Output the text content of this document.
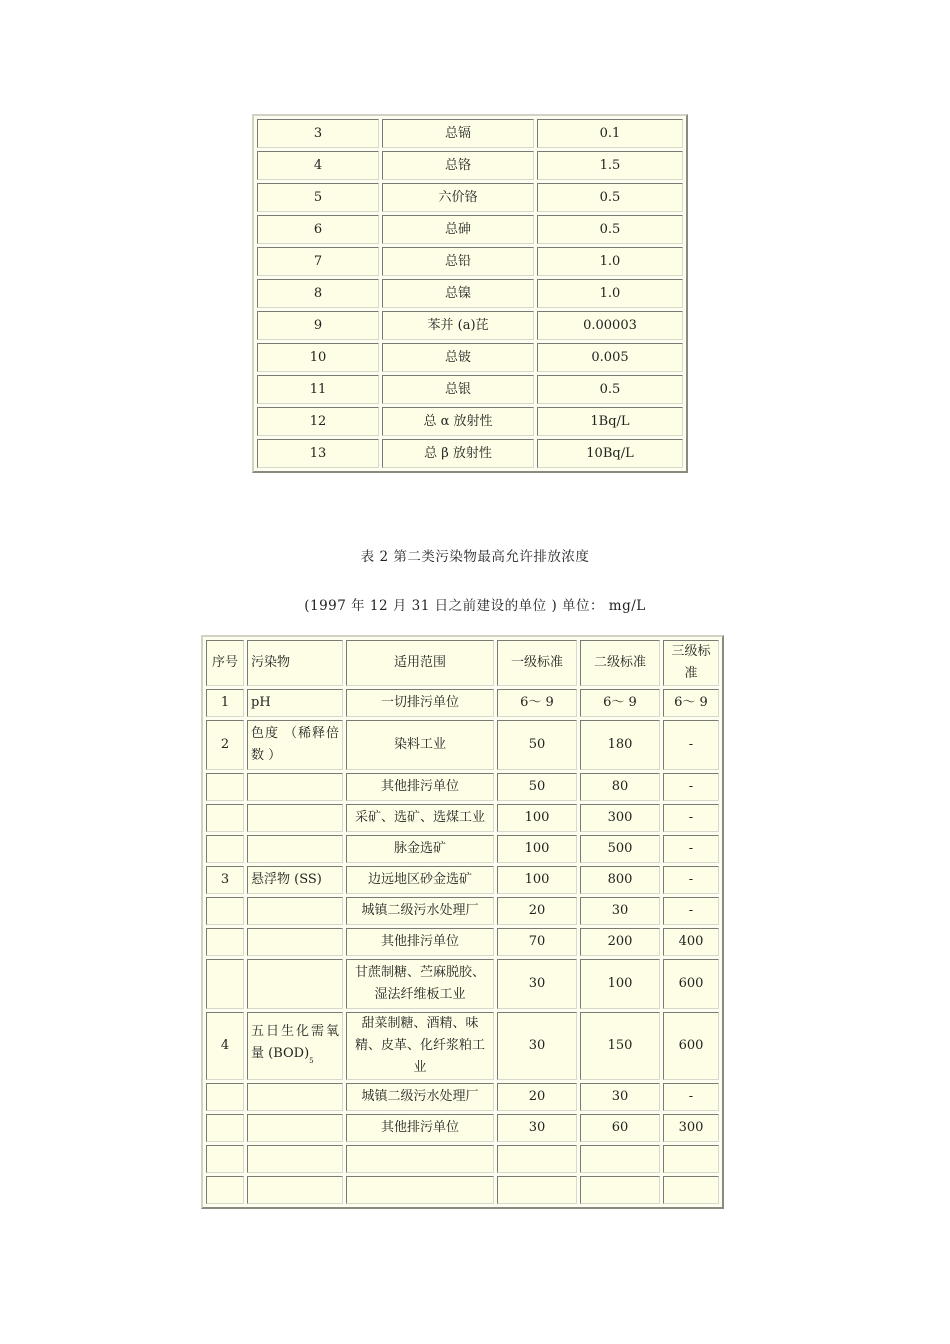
3	总镉	0.1
4	总铬	1.5
5	六价铬	0.5
6	总砷	0.5
7	总铅	1.0
8	总镍	1.0
9	苯并 (a)芘	0.00003
10	总铍	0.005
11	总银	0.5
12	总 α 放射性	1Bq/L
13	总 β 放射性	10Bq/L
表 2 第二类污染物最高允许排放浓度
(1997 年 12 月 31 日之前建设的单位 ) 单位： mg/L
序号	污染物	适用范围	一级标准	二级标准	三级标准
1	pH	一切排污单位	6～ 9	6～ 9	6～ 9
2	色度 （稀释倍数 ）	染料工业	50	180	-
		其他排污单位	50	80	-
		采矿、选矿、选煤工业	100	300	-
		脉金选矿	100	500	-
3	悬浮物 (SS)	边远地区砂金选矿	100	800	-
		城镇二级污水处理厂	20	30	-
		其他排污单位	70	200	400
		甘蔗制糖、苎麻脱胶、湿法纤维板工业	30	100	600
4	五日生化需氧量 $(BOD)_5$	甜菜制糖、酒精、味精、皮革、化纤浆粕工业	30	150	600
		城镇二级污水处理厂	20	30	-
		其他排污单位	30	60	300
